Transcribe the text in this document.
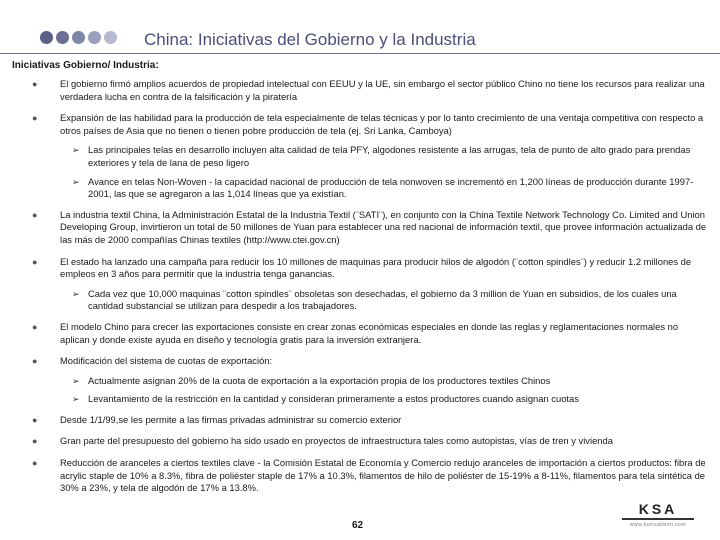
China: Iniciativas del Gobierno y la Industria
Iniciativas Gobierno/ Industria:
● El gobierno firmó amplios acuerdos de propiedad intelectual con EEUU y la UE, sin embargo el sector público Chino no tiene los recursos para realizar una verdadera lucha en contra de la falsificación y la piratería
● Expansión de las habilidad para la producción de tela especialmente de telas técnicas y por lo tanto crecimiento de una ventaja competitiva con respecto a otros países de Asia que no tienen o tienen pobre producción de tela (ej. Sri Lanka, Camboya)
➢ Las principales telas en desarrollo incluyen alta calidad de tela PFY, algodones resistente a las arrugas, tela de punto de alto grado para prendas exteriores y tela de lana de peso ligero
➢ Avance en telas Non-Woven - la capacidad nacional de producción de tela nonwoven se incrementó en 1,200 líneas de producción durante 1997-2001, las que se agregaron a las 1,014 líneas que ya existían.
● La industria textil China, la Administración Estatal de la Industria Textil (¨SATI¨), en conjunto con la China Textile Network Technology Co. Limited and Union Developing Group, invirtieron un total de 50 millones de Yuan para establecer una red nacional de información textil, que provee información actualizada de las más de 2000 compañías Chinas textiles (http://www.ctei.gov.cn)
● El estado ha lanzado una campaña para reducir los 10 millones de maquinas para producir hilos de algodón (¨cotton spindles¨) y reducir 1.2 millones de empleos en 3 años para permitir que la industria tenga ganancias.
➢ Cada vez que 10,000 maquinas ¨cotton spindles¨ obsoletas son desechadas, el gobierno da 3 million de Yuan en subsidios, de los cuales una cantidad substancial se utilizan para despedir a los trabajadores.
● El modelo Chino para crecer las exportaciones consiste en crear zonas económicas especiales en donde las reglas y reglamentaciones normales no aplican y donde existe ayuda en diseño y tecnología gratis para la inversión extranjera.
● Modificación del sistema de cuotas de exportación:
➢ Actualmente asignan 20% de la cuota de exportación a la exportación propia de los productores textiles Chinos
➢ Levantamiento de la restricción en la cantidad y consideran primeramente a estos productores cuando asignan cuotas
● Desde 1/1/99,se les permite a las firmas privadas administrar su comercio exterior
● Gran parte del presupuesto del gobierno ha sido usado en proyectos de infraestructura tales como autopistas, vías de tren y vivienda
● Reducción de aranceles a ciertos textiles clave - la Comisión Estatal de Economía y Comercio redujo aranceles de importación a ciertos productos: fibra de acrylic staple de 10% a 8.3%, fibra de poliéster staple de 17% a 10.3%, filamentos de hilo de poliéster de 15-19% a 8-11%, filamentos para tela sintética de 30% a 23%, y tela de algodón de 17% a 13.8%.
62
KSA
www.kurtsalmon.com
